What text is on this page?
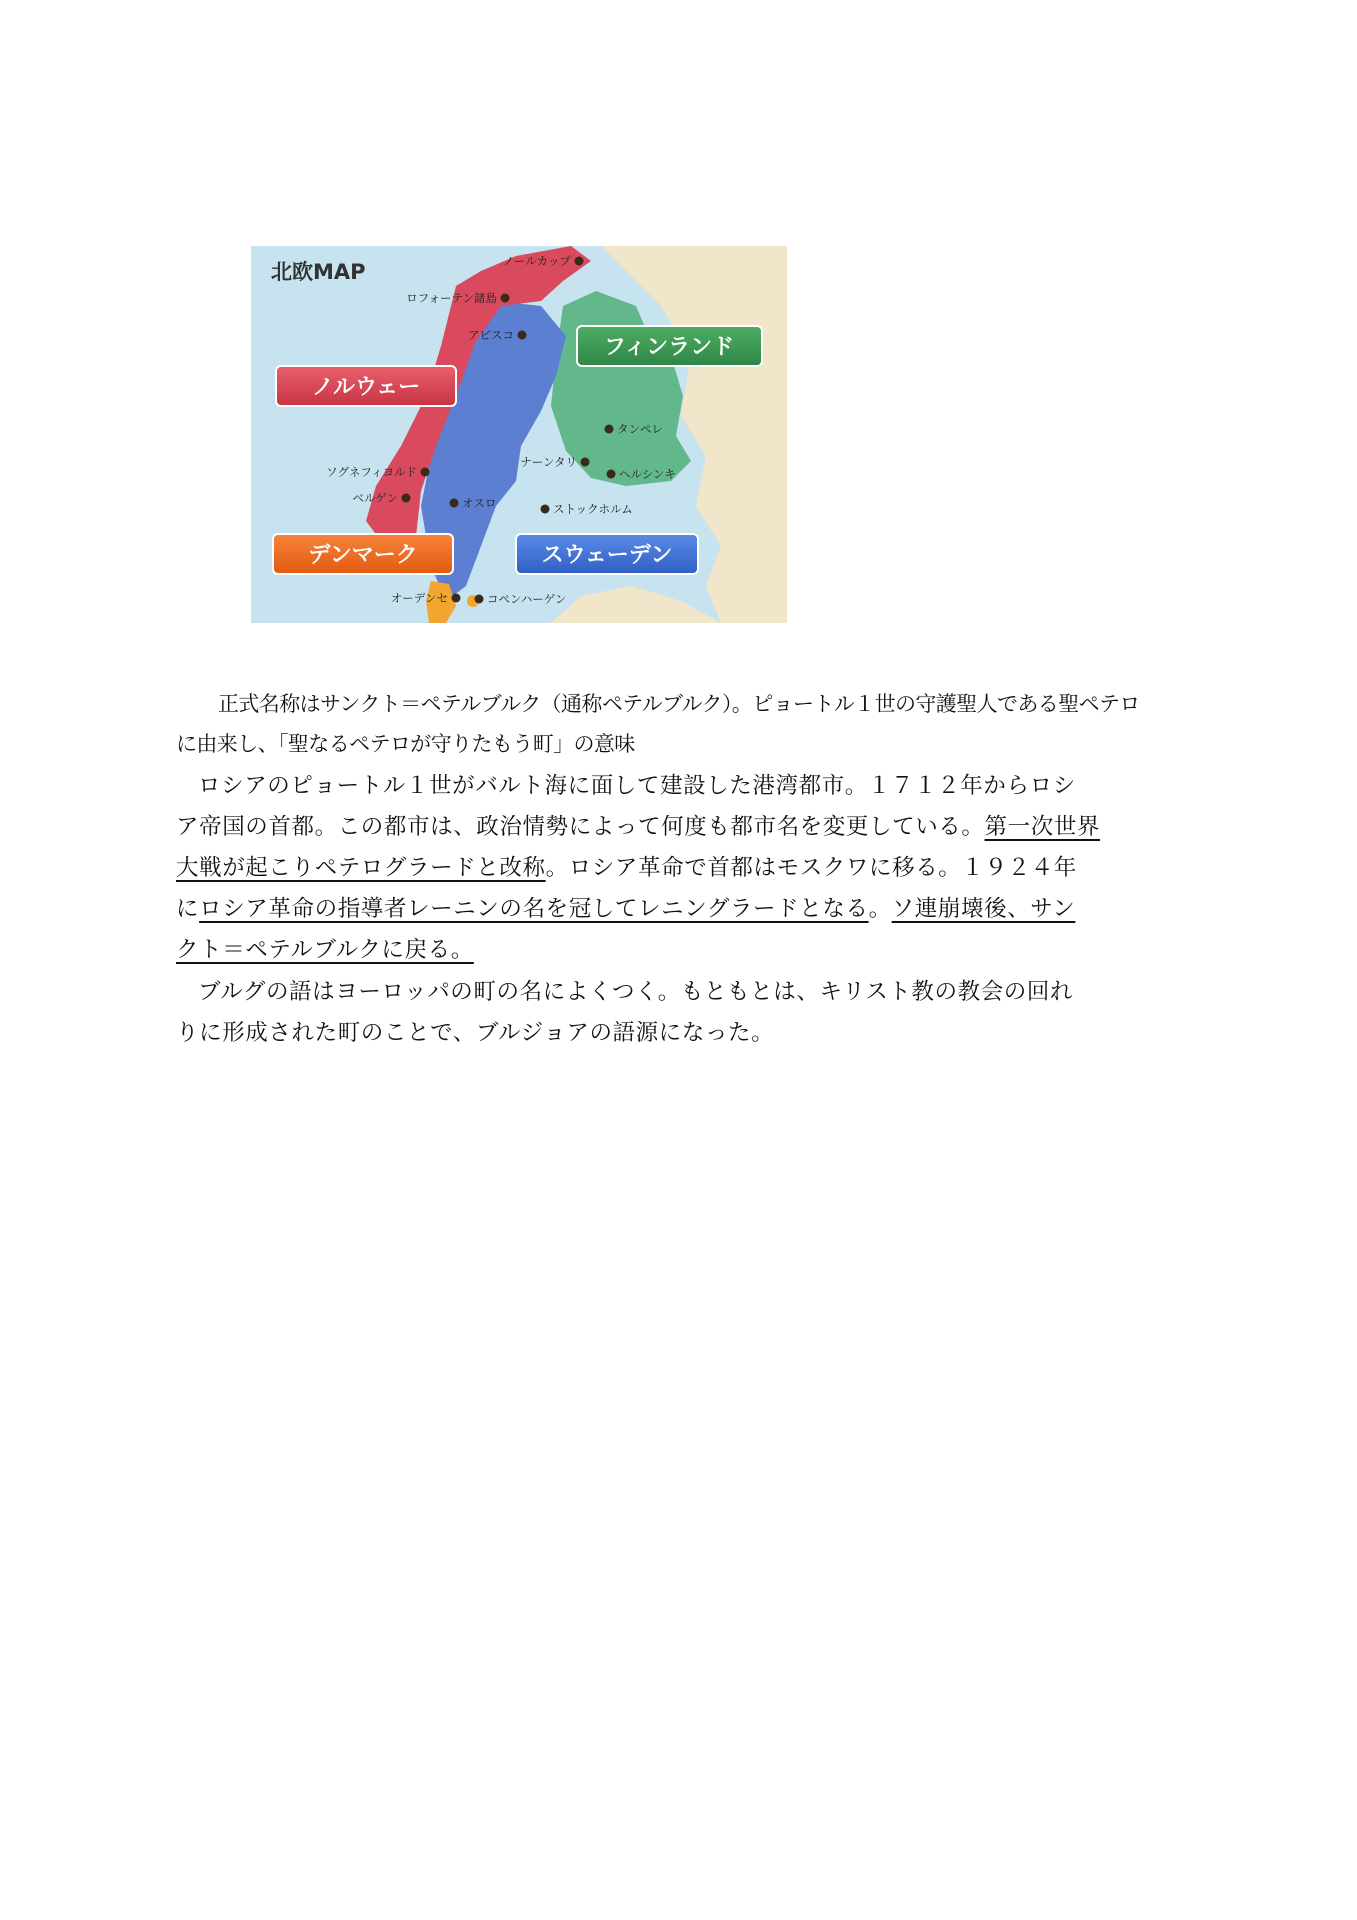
北欧MAP
ノルウェー
フィンランド
デンマーク	スウェーデン
ノールカップ
ロフォーテン諸島
アビスコ
タンペレ
ナーンタリ
ヘルシンキ
ソグネフィヨルド
ベルゲン	オスロ	ストックホルム
オーデンセ	コペンハーゲン
正式名称はサンクト＝ペテルブルク（通称ペテルブルク）。ピョートル１世の守護聖人である聖ペテロ
に由来し、「聖なるペテロが守りたもう町」の意味
ロシアのピョートル１世がバルト海に面して建設した港湾都市。１７１２年からロシ
ア帝国の首都。この都市は、政治情勢によって何度も都市名を変更している。第一次世界
大戦が起こりペテログラードと改称。ロシア革命で首都はモスクワに移る。１９２４年
にロシア革命の指導者レーニンの名を冠してレニングラードとなる。ソ連崩壊後、サン
クト＝ペテルブルクに戻る。
ブルグの語はヨーロッパの町の名によくつく。もともとは、キリスト教の教会の回れ
りに形成された町のことで、ブルジョアの語源になった。
